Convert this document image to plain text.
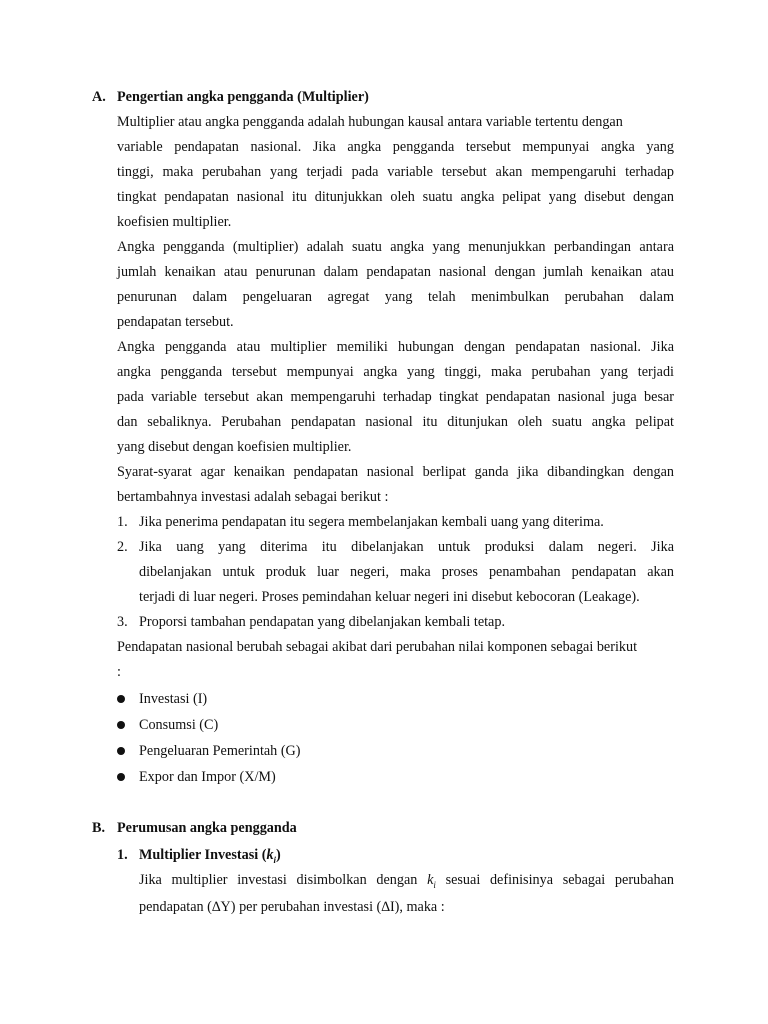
A. Pengertian angka pengganda (Multiplier)
Multiplier atau angka pengganda adalah hubungan kausal antara variable tertentu dengan
variable pendapatan nasional. Jika angka pengganda tersebut mempunyai angka yang
tinggi, maka perubahan yang terjadi pada variable tersebut akan mempengaruhi terhadap
tingkat pendapatan nasional itu ditunjukkan oleh suatu angka pelipat yang disebut dengan
koefisien multiplier.
Angka pengganda (multiplier) adalah suatu angka yang menunjukkan perbandingan antara
jumlah kenaikan atau penurunan dalam pendapatan nasional dengan jumlah kenaikan atau
penurunan dalam pengeluaran agregat yang telah menimbulkan perubahan dalam
pendapatan tersebut.
Angka pengganda atau multiplier memiliki hubungan dengan pendapatan nasional. Jika
angka pengganda tersebut mempunyai angka yang tinggi, maka perubahan yang terjadi
pada variable tersebut akan mempengaruhi terhadap tingkat pendapatan nasional juga besar
dan sebaliknya. Perubahan pendapatan nasional itu ditunjukan oleh suatu angka pelipat
yang disebut dengan koefisien multiplier.
Syarat-syarat agar kenaikan pendapatan nasional berlipat ganda jika dibandingkan dengan
bertambahnya investasi adalah sebagai berikut :
1. Jika penerima pendapatan itu segera membelanjakan kembali uang yang diterima.
2. Jika uang yang diterima itu dibelanjakan untuk produksi dalam negeri. Jika
dibelanjakan untuk produk luar negeri, maka proses penambahan pendapatan akan
terjadi di luar negeri. Proses pemindahan keluar negeri ini disebut kebocoran (Leakage).
3. Proporsi tambahan pendapatan yang dibelanjakan kembali tetap.
Pendapatan nasional berubah sebagai akibat dari perubahan nilai komponen sebagai berikut
:
Investasi (I)
Consumsi (C)
Pengeluaran Pemerintah (G)
Expor dan Impor (X/M)
B. Perumusan angka pengganda
1. Multiplier Investasi $(k_i)$
Jika multiplier investasi disimbolkan dengan $k_i$ sesuai definisinya sebagai perubahan
pendapatan (∆Y) per perubahan investasi (∆I), maka :
